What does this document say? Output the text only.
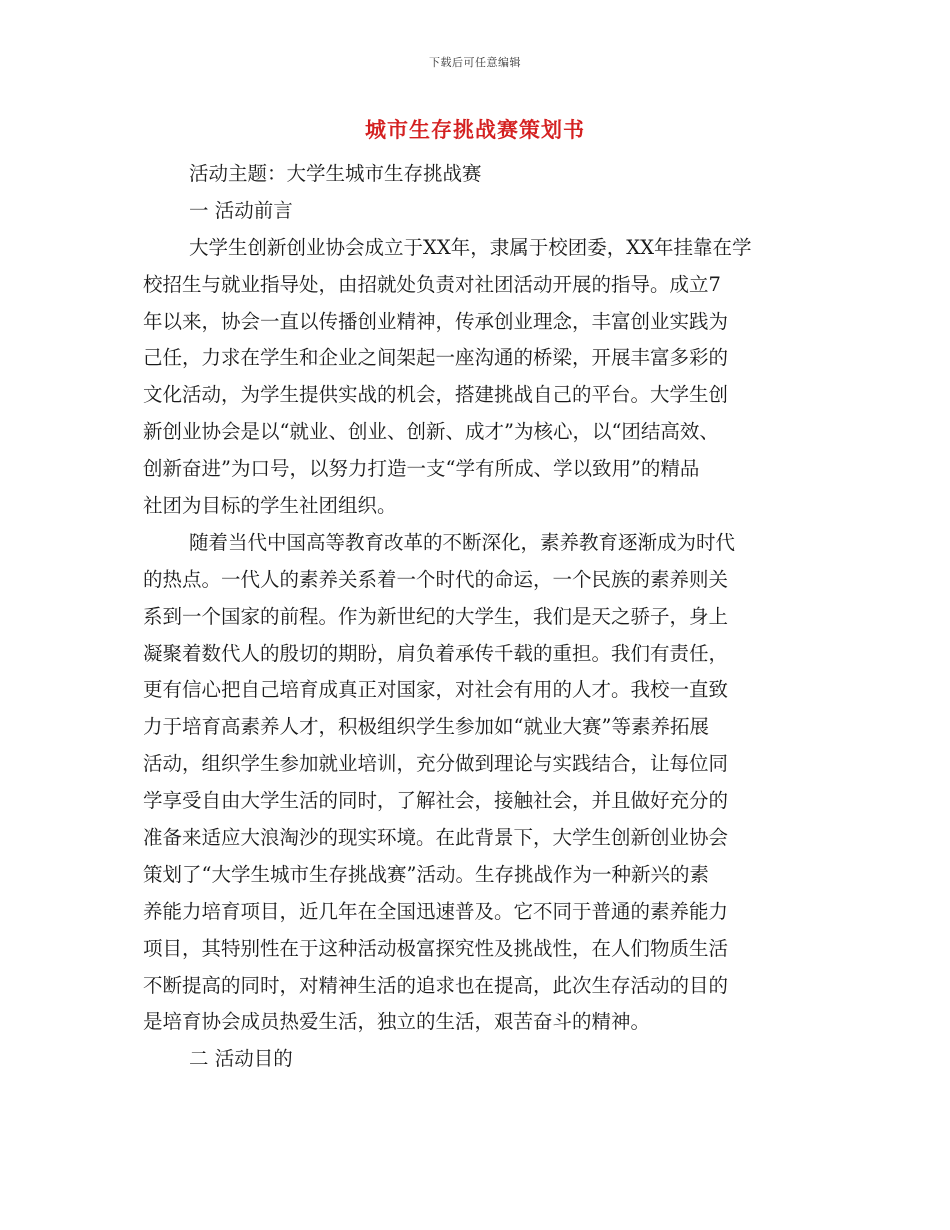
下载后可任意编辑
城市生存挑战赛策划书
活动主题：大学生城市生存挑战赛
一 活动前言
大学生创新创业协会成立于XX年，隶属于校团委，XX年挂靠在学
校招生与就业指导处，由招就处负责对社团活动开展的指导。成立7
年以来，协会一直以传播创业精神，传承创业理念，丰富创业实践为
己任，力求在学生和企业之间架起一座沟通的桥梁，开展丰富多彩的
文化活动，为学生提供实战的机会，搭建挑战自己的平台。大学生创
新创业协会是以“就业、创业、创新、成才”为核心，以“团结高效、
创新奋进”为口号，以努力打造一支“学有所成、学以致用”的精品
社团为目标的学生社团组织。
随着当代中国高等教育改革的不断深化，素养教育逐渐成为时代
的热点。一代人的素养关系着一个时代的命运，一个民族的素养则关
系到一个国家的前程。作为新世纪的大学生，我们是天之骄子，身上
凝聚着数代人的殷切的期盼，肩负着承传千载的重担。我们有责任，
更有信心把自己培育成真正对国家，对社会有用的人才。我校一直致
力于培育高素养人才，积极组织学生参加如“就业大赛”等素养拓展
活动，组织学生参加就业培训，充分做到理论与实践结合，让每位同
学享受自由大学生活的同时，了解社会，接触社会，并且做好充分的
准备来适应大浪淘沙的现实环境。在此背景下，大学生创新创业协会
策划了“大学生城市生存挑战赛”活动。生存挑战作为一种新兴的素
养能力培育项目，近几年在全国迅速普及。它不同于普通的素养能力
项目，其特别性在于这种活动极富探究性及挑战性，在人们物质生活
不断提高的同时，对精神生活的追求也在提高，此次生存活动的目的
是培育协会成员热爱生活，独立的生活，艰苦奋斗的精神。
二 活动目的
